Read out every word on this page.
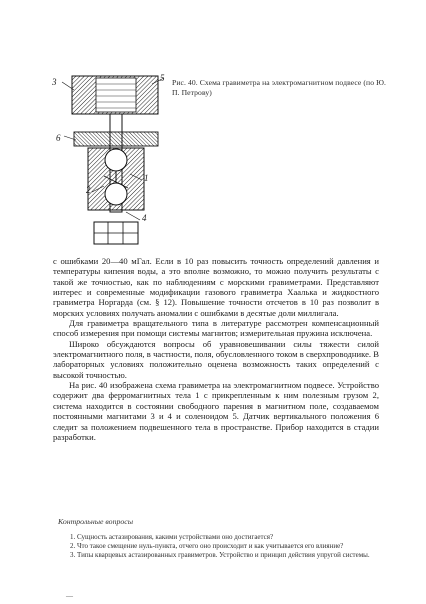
3	5
6
1
2
4
Рис. 40. Схема гравиметра на электромагнитном подвесе (по Ю. П. Петрову)

с ошибками 20—40 мГал. Если в 10 раз повысить точность определений давления и температуры кипения воды, а это вполне возможно, то можно получить результаты с такой же точностью, как по наблюдениям с морскими гравиметрами. Представляют интерес и современные модификации газового гравиметра Хаалька и жидкостного гравиметра Норгарда (см. § 12). Повышение точности отсчетов в 10 раз позволит в морских условиях получать аномалии с ошибками в десятые доли миллигала.

Для гравиметра вращательного типа в литературе рассмотрен компенсационный способ измерения при помощи системы магнитов; измерительная пружина исключена.

Широко обсуждаются вопросы об уравновешивании силы тяжести силой электромагнитного поля, в частности, поля, обусловленного током в сверхпроводнике. В лабораторных условиях положительно оценена возможность таких определений с высокой точностью.

На рис. 40 изображена схема гравиметра на электромагнитном подвесе. Устройство содержит два ферромагнитных тела 1 с прикрепленным к ним полезным грузом 2, система находится в состоянии свободного парения в магнитном поле, создаваемом постоянными магнитами 3 и 4 и соленоидом 5. Датчик вертикального положения 6 следит за положением подвешенного тела в пространстве. Прибор находится в стадии разработки.

Контрольные вопросы

1. Сущность астазирования, какими устройствами оно достигается?

2. Что такое смещение нуль-пункта, отчего оно происходит и как учитывается его влияние?

3. Типы кварцевых астазированных гравиметров. Устройство и принцип действия упругой системы.

—
